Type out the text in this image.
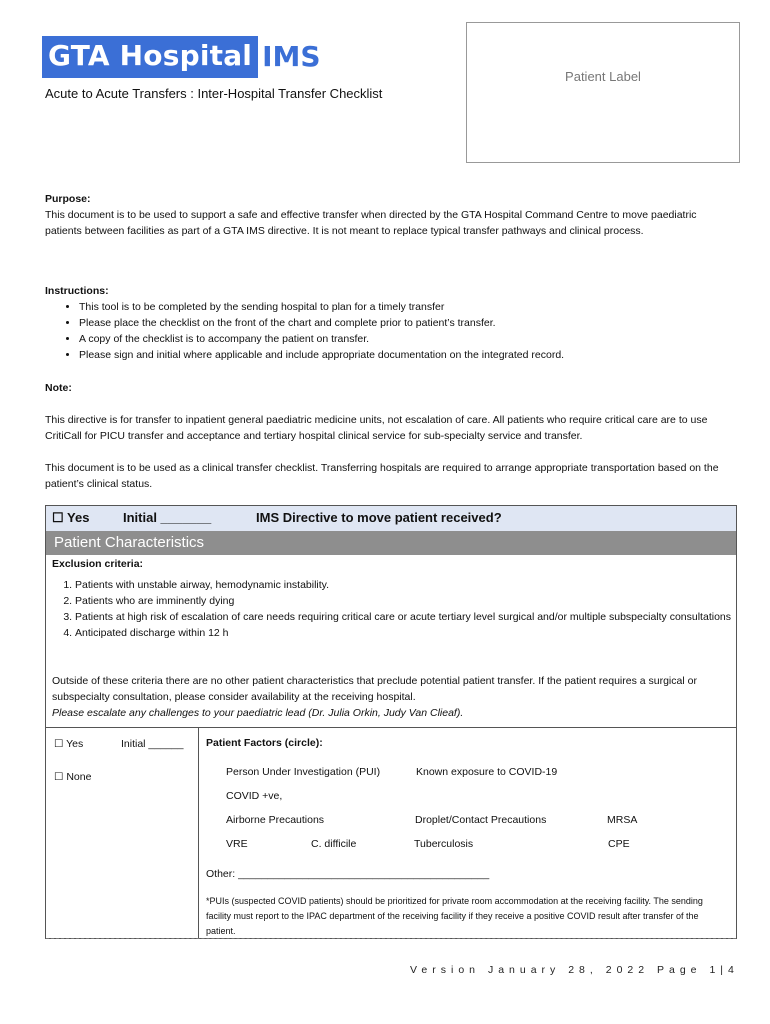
GTA Hospital IMS
Acute to Acute Transfers : Inter-Hospital Transfer Checklist
Patient Label
Purpose:
This document is to be used to support a safe and effective transfer when directed by the GTA Hospital Command Centre to move paediatric patients between facilities as part of a GTA IMS directive. It is not meant to replace typical transfer pathways and clinical process.
Instructions:
• This tool is to be completed by the sending hospital to plan for a timely transfer
• Please place the checklist on the front of the chart and complete prior to patient’s transfer.
• A copy of the checklist is to accompany the patient on transfer.
• Please sign and initial where applicable and include appropriate documentation on the integrated record.
Note:

This directive is for transfer to inpatient general paediatric medicine units, not escalation of care. All patients who require critical care are to use CritiCall for PICU transfer and acceptance and tertiary hospital clinical service for sub-specialty service and transfer.

This document is to be used as a clinical transfer checklist. Transferring hospitals are required to arrange appropriate transportation based on the patient’s clinical status.

☐ Yes	Initial _______	IMS Directive to move patient received?
Patient Characteristics
Exclusion criteria:
1. Patients with unstable airway, hemodynamic instability.
2. Patients who are imminently dying
3. Patients at high risk of escalation of care needs requiring critical care or acute tertiary level surgical and/or multiple subspecialty consultations
4. Anticipated discharge within 12 h
Outside of these criteria there are no other patient characteristics that preclude potential patient transfer. If the patient requires a surgical or subspecialty consultation, please consider availability at the receiving hospital.
Please escalate any challenges to your paediatric lead (Dr. Julia Orkin, Judy Van Clieaf).
☐ Yes	Initial ______
☐ None
Patient Factors (circle):
Person Under Investigation (PUI)	Known exposure to COVID-19
COVID +ve,
Airborne Precautions	Droplet/Contact Precautions	MRSA
VRE	C. difficile	Tuberculosis	CPE
Other: ___________________________________________
*PUIs (suspected COVID patients) should be prioritized for private room accommodation at the receiving facility. The sending facility must report to the IPAC department of the receiving facility if they receive a positive COVID result after transfer of the patient.
Version January 28, 2022 Page 1|4
